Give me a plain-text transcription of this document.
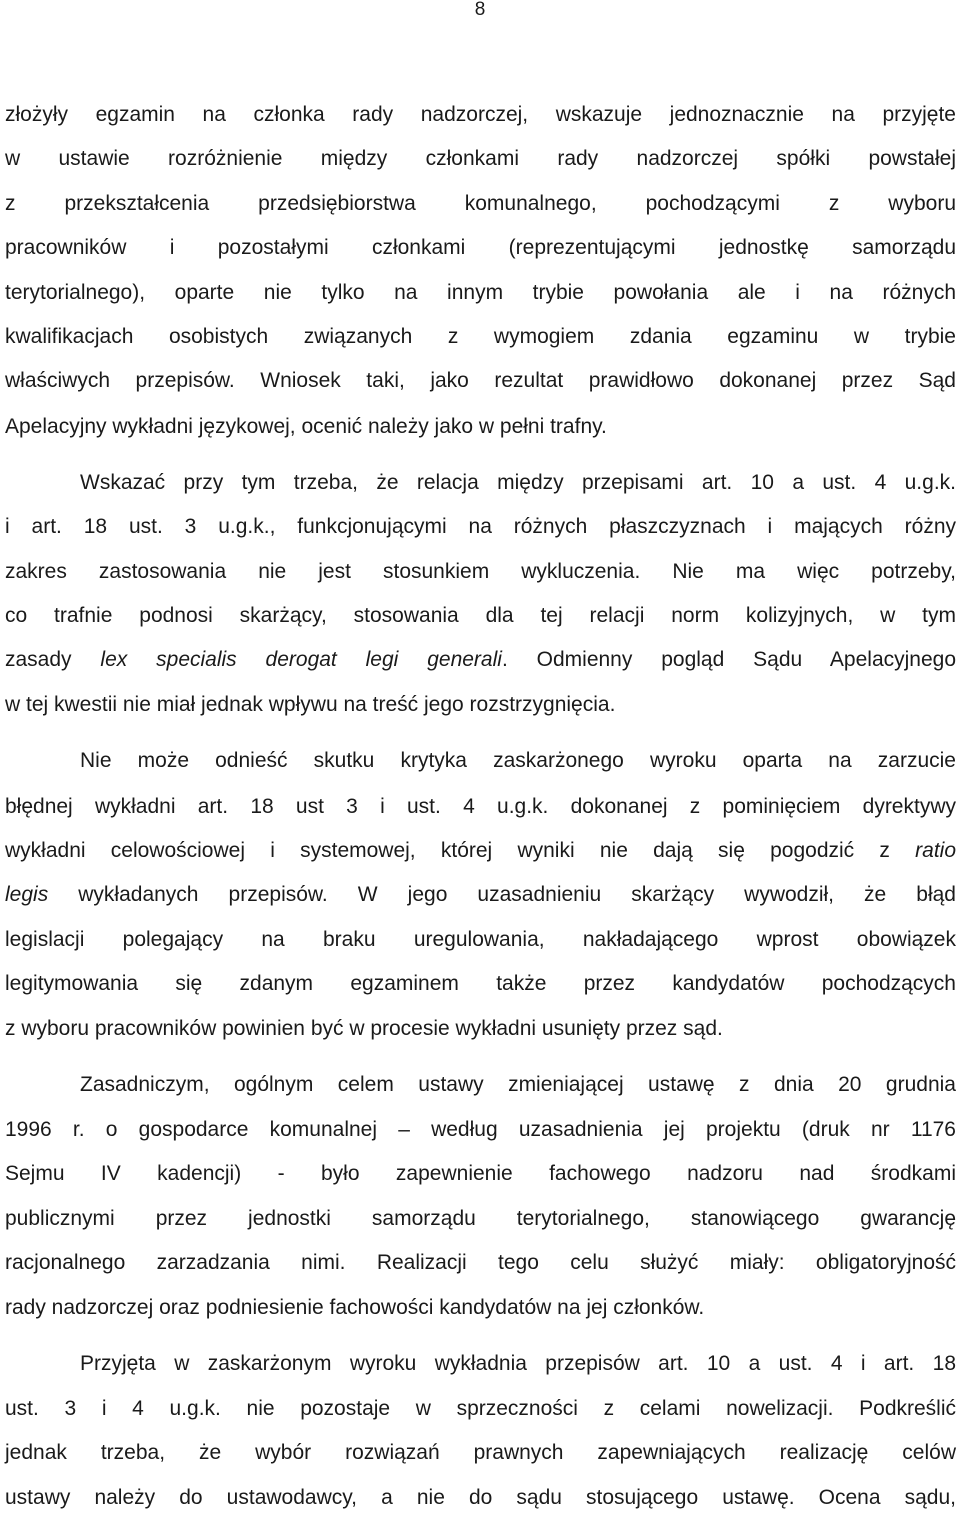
8
złożyły egzamin na członka rady nadzorczej, wskazuje jednoznacznie na przyjęte
w ustawie rozróżnienie między członkami rady nadzorczej spółki powstałej
z przekształcenia przedsiębiorstwa komunalnego, pochodzącymi z wyboru
pracowników i pozostałymi członkami (reprezentującymi jednostkę samorządu
terytorialnego), oparte nie tylko na innym trybie powołania ale i na różnych
kwalifikacjach osobistych związanych z wymogiem zdania egzaminu w trybie
właściwych przepisów. Wniosek taki, jako rezultat prawidłowo dokonanej przez Sąd
Apelacyjny wykładni językowej, ocenić należy jako w pełni trafny.
Wskazać przy tym trzeba, że relacja między przepisami art. 10 a ust. 4 u.g.k.
i art. 18 ust. 3 u.g.k., funkcjonującymi na różnych płaszczyznach i mających różny
zakres zastosowania nie jest stosunkiem wykluczenia. Nie ma więc potrzeby,
co trafnie podnosi skarżący, stosowania dla tej relacji norm kolizyjnych, w tym
zasady lex specialis derogat legi generali. Odmienny pogląd Sądu Apelacyjnego
w tej kwestii nie miał jednak wpływu na treść jego rozstrzygnięcia.
Nie może odnieść skutku krytyka zaskarżonego wyroku oparta na zarzucie
błędnej wykładni art. 18 ust 3 i ust. 4 u.g.k. dokonanej z pominięciem dyrektywy
wykładni celowościowej i systemowej, której wyniki nie dają się pogodzić z ratio
legis wykładanych przepisów. W jego uzasadnieniu skarżący wywodził, że błąd
legislacji polegający na braku uregulowania, nakładającego wprost obowiązek
legitymowania się zdanym egzaminem także przez kandydatów pochodzących
z wyboru pracowników powinien być w procesie wykładni usunięty przez sąd.
Zasadniczym, ogólnym celem ustawy zmieniającej ustawę z dnia 20 grudnia
1996 r. o gospodarce komunalnej – według uzasadnienia jej projektu (druk nr 1176
Sejmu IV kadencji) - było zapewnienie fachowego nadzoru nad środkami
publicznymi przez jednostki samorządu terytorialnego, stanowiącego gwarancję
racjonalnego zarzadzania nimi. Realizacji tego celu służyć miały: obligatoryjność
rady nadzorczej oraz podniesienie fachowości kandydatów na jej członków.
Przyjęta w zaskarżonym wyroku wykładnia przepisów art. 10 a ust. 4 i art. 18
ust. 3 i 4 u.g.k. nie pozostaje w sprzeczności z celami nowelizacji. Podkreślić
jednak trzeba, że wybór rozwiązań prawnych zapewniających realizację celów
ustawy należy do ustawodawcy, a nie do sądu stosującego ustawę. Ocena sądu,
